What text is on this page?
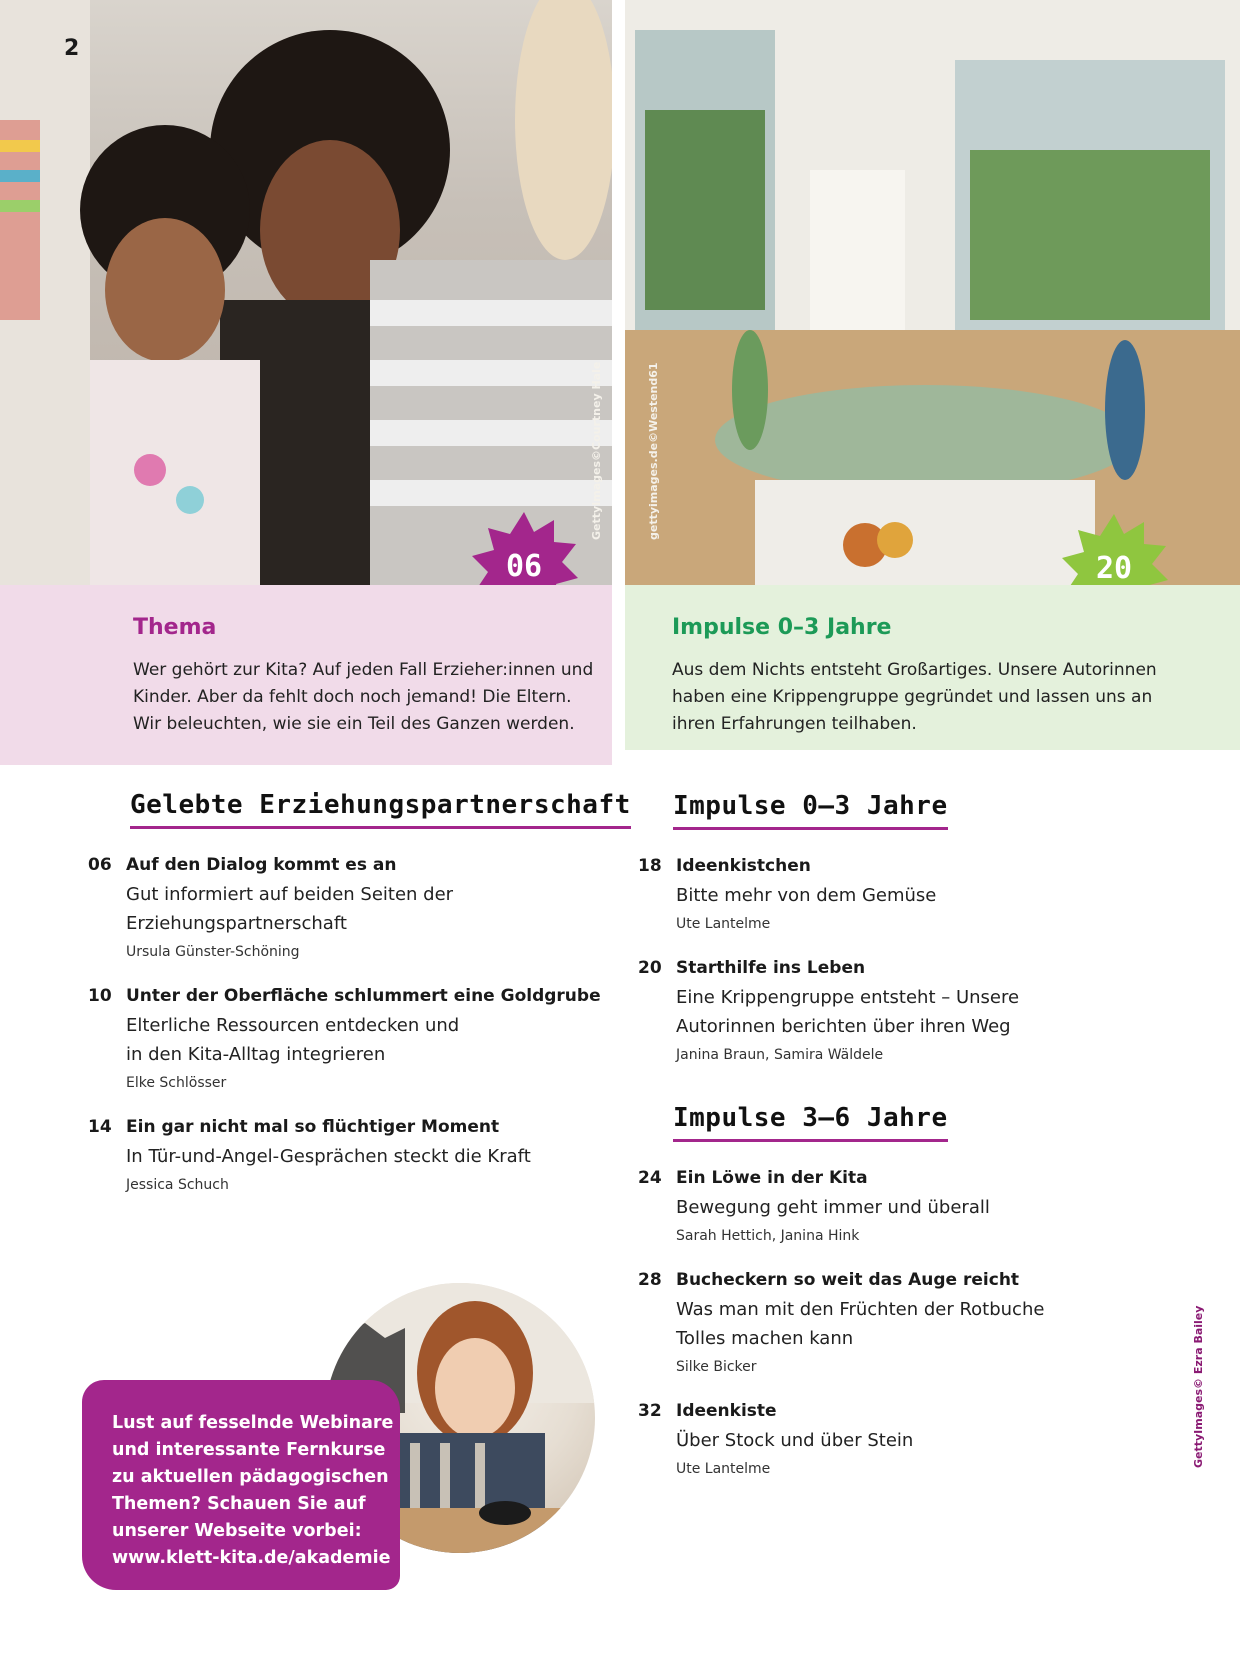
2
GettyImages©Courtney Hale
06
gettyimages.de©Westend61
20
Thema
Wer gehört zur Kita? Auf jeden Fall Erzieher:innen und
Kinder. Aber da fehlt doch noch jemand! Die Eltern.
Wir beleuchten, wie sie ein Teil des Ganzen werden.
Impulse 0–3 Jahre
Aus dem Nichts entsteht Großartiges. Unsere Autorinnen
haben eine Krippengruppe gegründet und lassen uns an
ihren Erfahrungen teilhaben.
Gelebte Erziehungspartnerschaft
06 Auf den Dialog kommt es an
Gut informiert auf beiden Seiten der
Erziehungspartnerschaft
Ursula Günster-Schöning
10 Unter der Oberfläche schlummert eine Goldgrube
Elterliche Ressourcen entdecken und
in den Kita-Alltag integrieren
Elke Schlösser
14 Ein gar nicht mal so flüchtiger Moment
In Tür-und-Angel-Gesprächen steckt die Kraft
Jessica Schuch
Impulse 0–3 Jahre
18 Ideenkistchen
Bitte mehr von dem Gemüse
Ute Lantelme
20 Starthilfe ins Leben
Eine Krippengruppe entsteht – Unsere
Autorinnen berichten über ihren Weg
Janina Braun, Samira Wäldele
Impulse 3–6 Jahre
24 Ein Löwe in der Kita
Bewegung geht immer und überall
Sarah Hettich, Janina Hink
28 Bucheckern so weit das Auge reicht
Was man mit den Früchten der Rotbuche
Tolles machen kann
Silke Bicker
32 Ideenkiste
Über Stock und über Stein
Ute Lantelme
Lust auf fesselnde Webinare
und interessante Fernkurse
zu aktuellen pädagogischen
Themen? Schauen Sie auf
unserer Webseite vorbei:
www.klett-kita.de/akademie
GettyImages© Ezra Bailey
